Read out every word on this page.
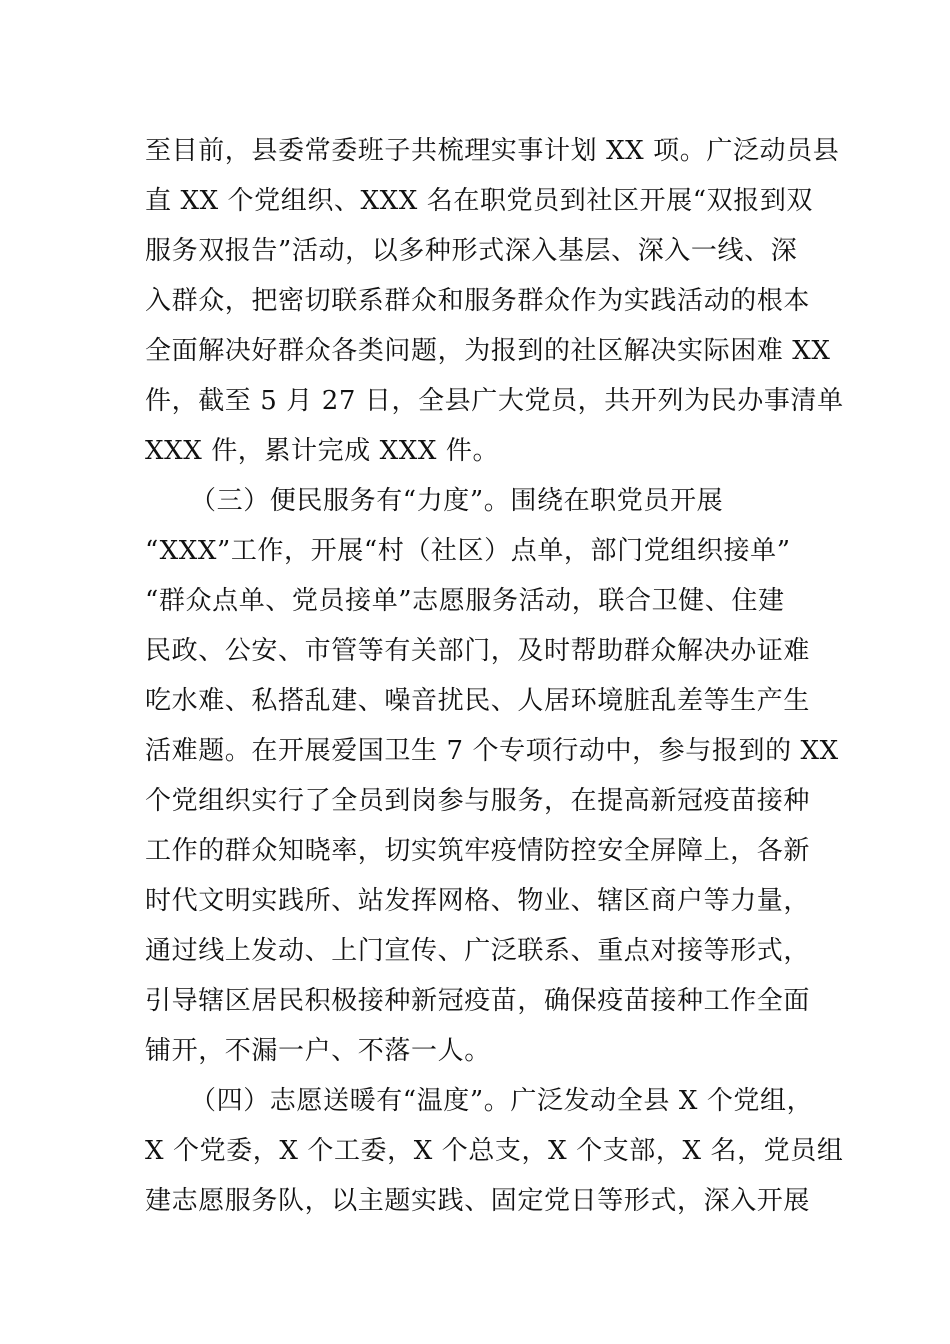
至目前，县委常委班子共梳理实事计划 XX 项。广泛动员县
直 XX 个党组织、XXX 名在职党员到社区开展“双报到双
服务双报告”活动，以多种形式深入基层、深入一线、深
入群众，把密切联系群众和服务群众作为实践活动的根本
全面解决好群众各类问题，为报到的社区解决实际困难 XX
件，截至 5 月 27 日，全县广大党员，共开列为民办事清单
XXX 件，累计完成 XXX 件。
（三）便民服务有“力度”。围绕在职党员开展
“XXX”工作，开展“村（社区）点单，部门党组织接单”
“群众点单、党员接单”志愿服务活动，联合卫健、住建
民政、公安、市管等有关部门，及时帮助群众解决办证难
吃水难、私搭乱建、噪音扰民、人居环境脏乱差等生产生
活难题。在开展爱国卫生 7 个专项行动中，参与报到的 XX
个党组织实行了全员到岗参与服务，在提高新冠疫苗接种
工作的群众知晓率，切实筑牢疫情防控安全屏障上，各新
时代文明实践所、站发挥网格、物业、辖区商户等力量，
通过线上发动、上门宣传、广泛联系、重点对接等形式，
引导辖区居民积极接种新冠疫苗，确保疫苗接种工作全面
铺开，不漏一户、不落一人。
（四）志愿送暖有“温度”。广泛发动全县 X 个党组，
X 个党委，X 个工委，X 个总支，X 个支部，X 名，党员组
建志愿服务队，以主题实践、固定党日等形式，深入开展
